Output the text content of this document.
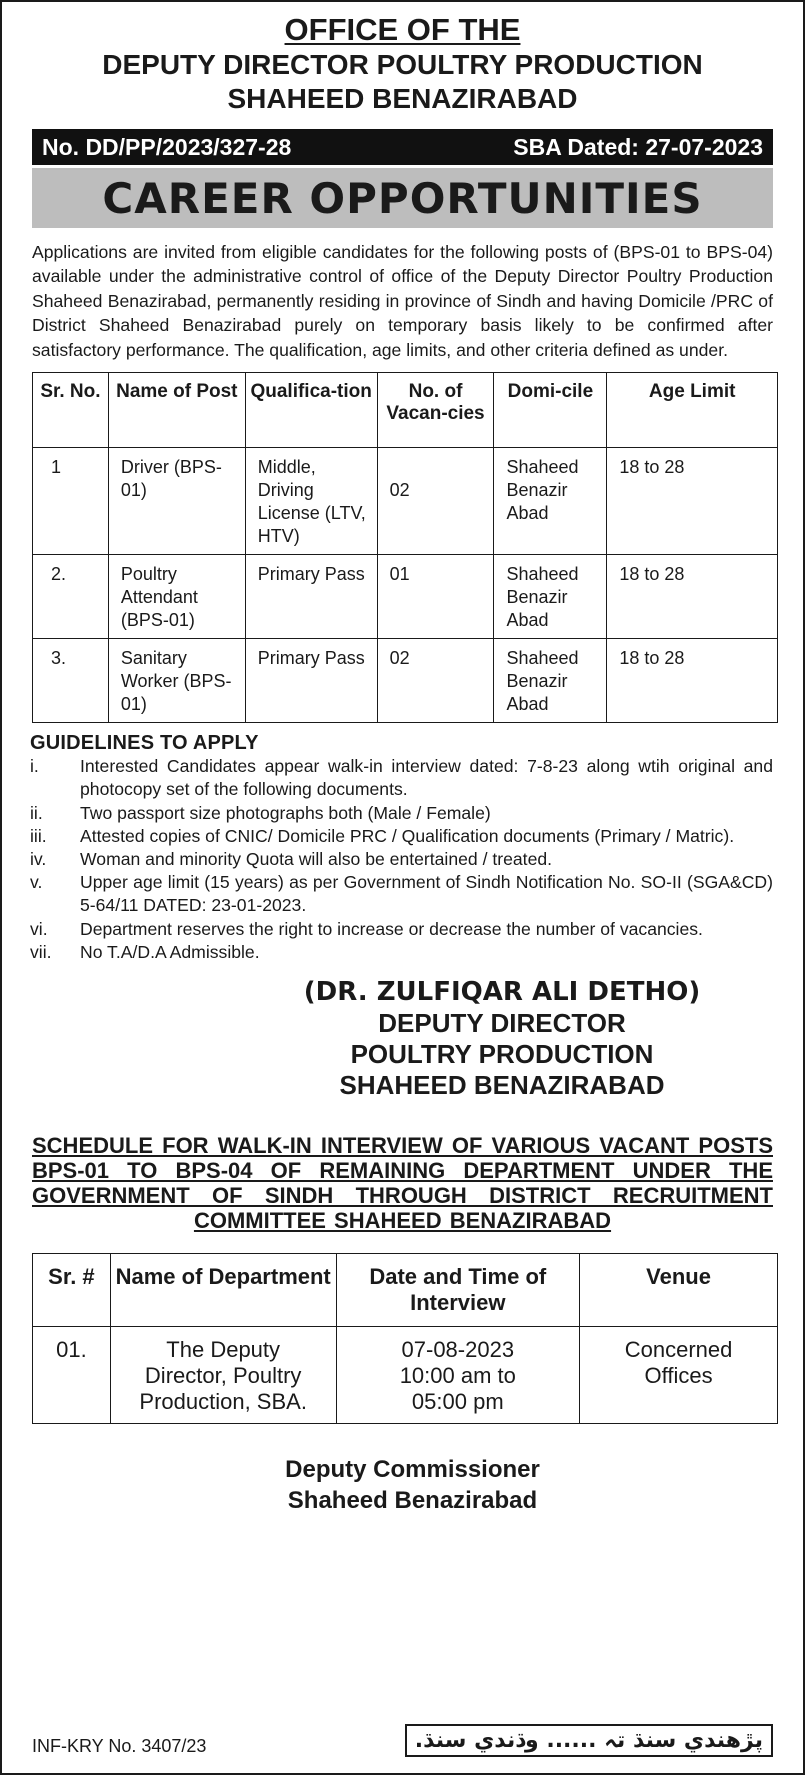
OFFICE OF THE
DEPUTY DIRECTOR POULTRY PRODUCTION
SHAHEED BENAZIRABAD
No. DD/PP/2023/327-28	SBA Dated: 27-07-2023
CAREER OPPORTUNITIES
Applications are invited from eligible candidates for the following posts of (BPS-01 to BPS-04) available under the administrative control of office of the Deputy Director Poultry Production Shaheed Benazirabad, permanently residing in province of Sindh and having Domicile /PRC of District Shaheed Benazirabad purely on temporary basis likely to be confirmed after satisfactory performance. The qualification, age limits, and other criteria defined as under.
Sr. No.	Name of Post	Qualifica-tion	No. of Vacan-cies	Domi-cile	Age Limit
1	Driver (BPS-01)	Middle, Driving License (LTV, HTV)	02	Shaheed Benazir Abad	18 to 28
2.	Poultry Attendant (BPS-01)	Primary Pass	01	Shaheed Benazir Abad	18 to 28
3.	Sanitary Worker (BPS-01)	Primary Pass	02	Shaheed Benazir Abad	18 to 28
GUIDELINES TO APPLY
i.	Interested Candidates appear walk-in interview dated: 7-8-23 along wtih original and photocopy set of the following documents.
ii.	Two passport size photographs both (Male / Female)
iii.	Attested copies of CNIC/ Domicile PRC / Qualification documents (Primary / Matric).
iv.	Woman and minority Quota will also be entertained / treated.
v.	Upper age limit (15 years) as per Government of Sindh Notification No. SO-II (SGA&CD) 5-64/11 DATED: 23-01-2023.
vi.	Department reserves the right to increase or decrease the number of vacancies.
vii.	No T.A/D.A Admissible.
(DR. ZULFIQAR ALI DETHO)
DEPUTY DIRECTOR
POULTRY PRODUCTION
SHAHEED BENAZIRABAD
SCHEDULE FOR WALK-IN INTERVIEW OF VARIOUS VACANT POSTS BPS-01 TO BPS-04 OF REMAINING DEPARTMENT UNDER THE GOVERNMENT OF SINDH THROUGH DISTRICT RECRUITMENT COMMITTEE SHAHEED BENAZIRABAD
Sr. #	Name of Department	Date and Time of Interview	Venue
01.	The Deputy Director, Poultry Production, SBA.	07-08-2023 10:00 am to 05:00 pm	Concerned Offices
Deputy Commissioner
Shaheed Benazirabad
INF-KRY No. 3407/23	پڙهندي سنڌ تہ ...... وڌندي سنڌ.
